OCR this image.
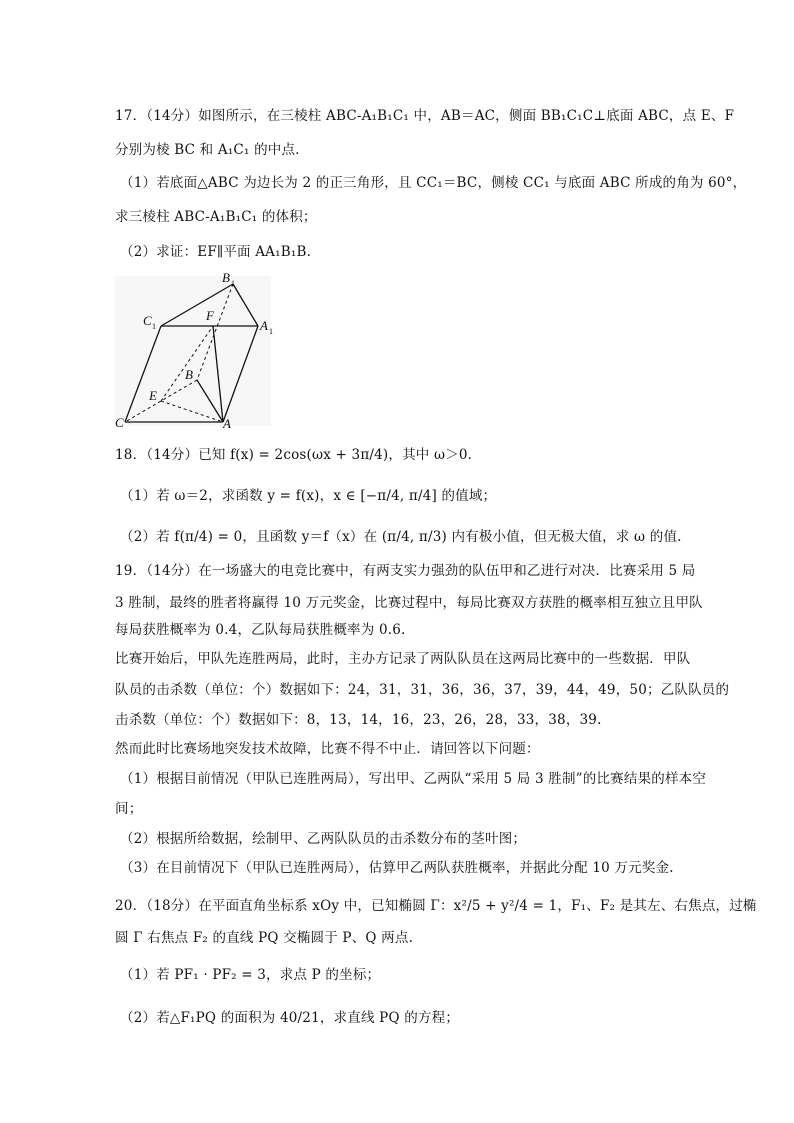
17．（14分）如图所示，在三棱柱 ABC-A₁B₁C₁ 中，AB＝AC，侧面 BB₁C₁C⊥底面 ABC，点 E、F
分别为棱 BC 和 A₁C₁ 的中点.
（1）若底面△ABC 为边长为 2 的正三角形，且 CC₁＝BC，侧棱 CC₁ 与底面 ABC 所成的角为 60°，
求三棱柱 ABC-A₁B₁C₁ 的体积；
（2）求证：EF∥平面 AA₁B₁B.
B 1
C 1
F
A 1
B
E
C	A
18．（14分）已知 f(x) = 2cos(ωx + 3π/4)，其中 ω＞0.
（1）若 ω＝2，求函数 y = f(x)，x ∈ [−π/4, π/4] 的值域；
（2）若 f(π/4) = 0，且函数 y＝f（x）在 (π/4, π/3) 内有极小值，但无极大值，求 ω 的值.
19．（14分）在一场盛大的电竞比赛中，有两支实力强劲的队伍甲和乙进行对决．比赛采用 5 局
3 胜制，最终的胜者将赢得 10 万元奖金，比赛过程中，每局比赛双方获胜的概率相互独立且甲队
每局获胜概率为 0.4，乙队每局获胜概率为 0.6.
比赛开始后，甲队先连胜两局，此时，主办方记录了两队队员在这两局比赛中的一些数据．甲队
队员的击杀数（单位：个）数据如下：24，31，31，36，36，37，39，44，49，50；乙队队员的
击杀数（单位：个）数据如下：8，13，14，16，23，26，28，33，38，39.
然而此时比赛场地突发技术故障，比赛不得不中止．请回答以下问题：
（1）根据目前情况（甲队已连胜两局），写出甲、乙两队“采用 5 局 3 胜制”的比赛结果的样本空
间；
（2）根据所给数据，绘制甲、乙两队队员的击杀数分布的茎叶图；
（3）在目前情况下（甲队已连胜两局），估算甲乙两队获胜概率，并据此分配 10 万元奖金.
20．（18分）在平面直角坐标系 xOy 中，已知椭圆 Γ：x²/5 + y²/4 = 1，F₁、F₂ 是其左、右焦点，过椭
圆 Γ 右焦点 F₂ 的直线 PQ 交椭圆于 P、Q 两点.
（1）若 PF₁ · PF₂ = 3，求点 P 的坐标；
（2）若△F₁PQ 的面积为 40/21，求直线 PQ 的方程；
